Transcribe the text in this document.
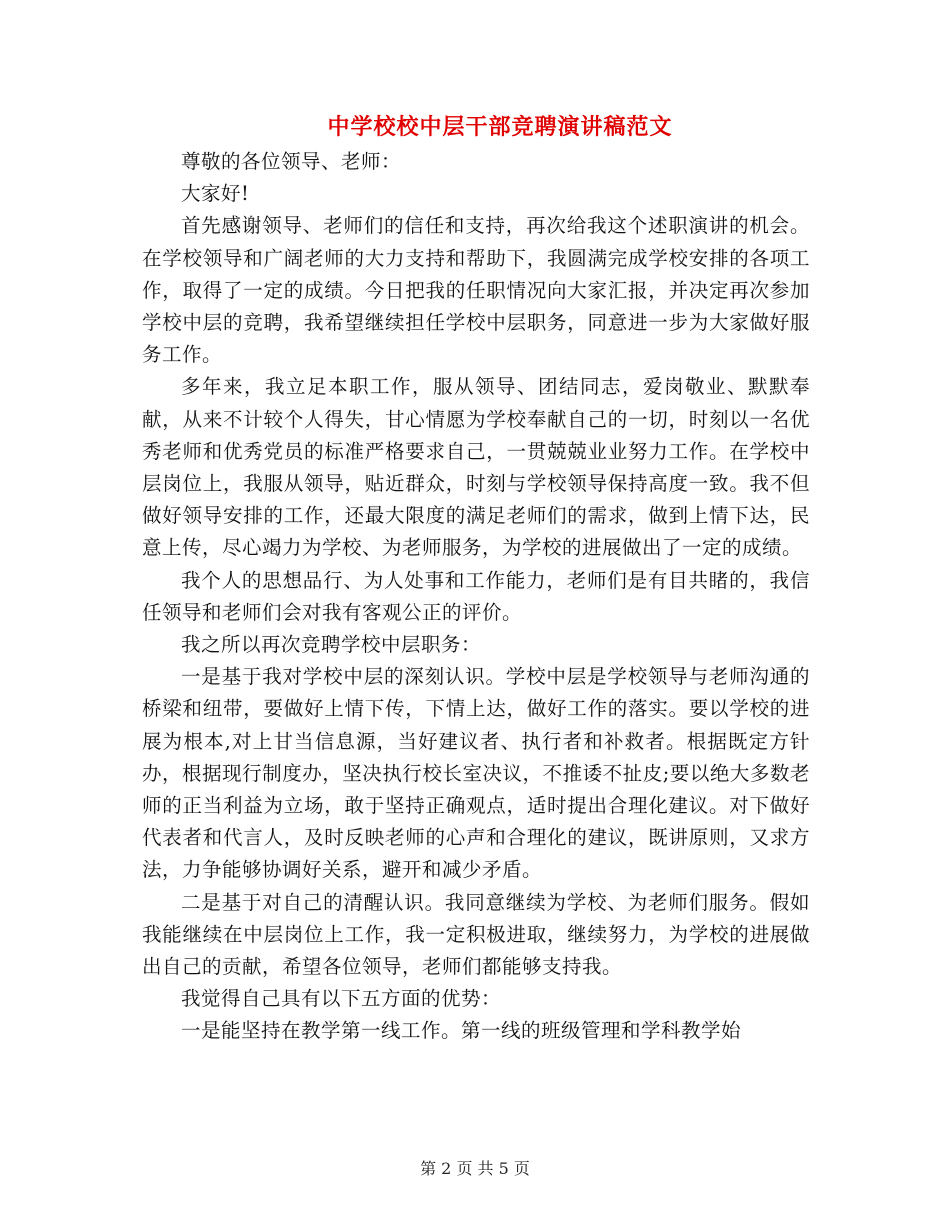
中学校校中层干部竞聘演讲稿范文

尊敬的各位领导、老师：

大家好!

首先感谢领导、老师们的信任和支持，再次给我这个述职演讲的机会。在学校领导和广阔老师的大力支持和帮助下，我圆满完成学校安排的各项工作，取得了一定的成绩。今日把我的任职情况向大家汇报，并决定再次参加学校中层的竞聘，我希望继续担任学校中层职务，同意进一步为大家做好服务工作。

多年来，我立足本职工作，服从领导、团结同志，爱岗敬业、默默奉献，从来不计较个人得失，甘心情愿为学校奉献自己的一切，时刻以一名优秀老师和优秀党员的标准严格要求自己，一贯兢兢业业努力工作。在学校中层岗位上，我服从领导，贴近群众，时刻与学校领导保持高度一致。我不但做好领导安排的工作，还最大限度的满足老师们的需求，做到上情下达，民意上传，尽心竭力为学校、为老师服务，为学校的进展做出了一定的成绩。

我个人的思想品行、为人处事和工作能力，老师们是有目共睹的，我信任领导和老师们会对我有客观公正的评价。

我之所以再次竞聘学校中层职务：

一是基于我对学校中层的深刻认识。学校中层是学校领导与老师沟通的桥梁和纽带，要做好上情下传，下情上达，做好工作的落实。要以学校的进展为根本,对上甘当信息源，当好建议者、执行者和补救者。根据既定方针办，根据现行制度办，坚决执行校长室决议，不推诿不扯皮;要以绝大多数老师的正当利益为立场，敢于坚持正确观点，适时提出合理化建议。对下做好代表者和代言人，及时反映老师的心声和合理化的建议，既讲原则，又求方法，力争能够协调好关系，避开和减少矛盾。

二是基于对自己的清醒认识。我同意继续为学校、为老师们服务。假如我能继续在中层岗位上工作，我一定积极进取，继续努力，为学校的进展做出自己的贡献，希望各位领导，老师们都能够支持我。

我觉得自己具有以下五方面的优势：

一是能坚持在教学第一线工作。第一线的班级管理和学科教学始

第 2 页 共 5 页
